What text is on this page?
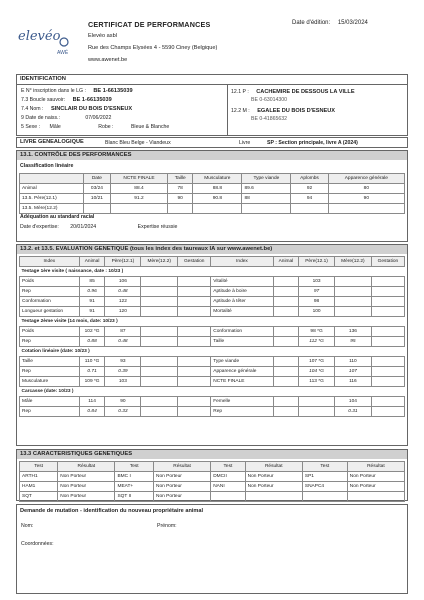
elevéo
AWÉ
CERTIFICAT DE PERFORMANCES
Elevéo asbl
Rue des Champs Elysées 4 - 5590 Ciney (Belgique)
www.awenet.be
Date d'édition: 15/03/2024
IDENTIFICATION
E N° inscription dans le LG : BE 1-66135039
7.3 Boucle sauvoir: BE 1-66135039
7.4 Nom : SINCLAIR DU BOIS D'ESNEUX
9 Date de naiss.:	07/06/2022
5 Sexe : Mâle	Robe :	Bleue & Blanche
12.1 P : CACHEMIRE DE DESSOUS LA VILLE
BE 0-63014300
12.2 M : EGALEE DU BOIS D'ESNEUX
BE 0-41865632
LIVRE GENEALOGIQUE	Blanc Bleu Belge - Viandeux	Livre	SP : Section principale, livre A (2024)
13.1. CONTRÔLE DES PERFORMANCES
Classification linéaire
	Date	NCTE FINALE	Taille	Musculature	Type viande	Aplombs	Apparence générale
Animal	03/24	88.4	78	88.8	89.6	92	80
13.5. Père(12.1)	10/21	91.2	90	90.8	88	94	90
13.5. Mère(12.2)							
Adéquation au standard racial
Date d'expertise: 20/01/2024	Expertise réussie
13.2. et 13.5. EVALUATION GENETIQUE (tous les index des taureaux IA sur www.awenet.be)
Index	Animal	Père(12.1)	Mère(12.2)	Gestation	Index	Animal	Père(12.1)	Mère(12.2)	Gestation
Testage 1ère visite ( naissance, date : 10/23 )									
Poids	85	106			Vitalité		103		
Rep	0.96	0.48			Aptitude à boire		97		
Conformation	91	122			Aptitude à têter		98		
Longueur gestation	91	120			Mortalité		100		
Testage 2ème visite (14 mois, date: 10/23 )									
Poids	102 *G	87			Conformation		98 *G	136	
Rep	0.88	0.48			Taille		112 *G	95	
Cotation linéaire (date: 10/23 )									
Taille	110 *G	93			Type viande		107 *G	110	
Rep	0.71	0.39			Apparence générale		104 *G	107	
Musculature	109 *G	103			NCTE FINALE		113 *G	116	
Carcasse (date: 10/23 )									
Mâle	114	90			Femelle			104	
Rep	0.84	0.33			Rep			0.31	
13.3 CARACTERISTIQUES GENETIQUES
Test	Résultat	Test	Résultat	Test	Résultat	Test	Résultat
ARTH1	Non Porteur	BMC I	Non Porteur	DMCII	Non Porteur	SP1	Non Porteur
HAM1	Non Porteur	MEAT+	Non Porteur	NANI	Non Porteur	SNAPC4	Non Porteur
SQT	Non Porteur	SQT II	Non Porteur				
Demande de mutation - identification du nouveau propriétaire animal
Nom:	Prénom:
Coordonnées:
